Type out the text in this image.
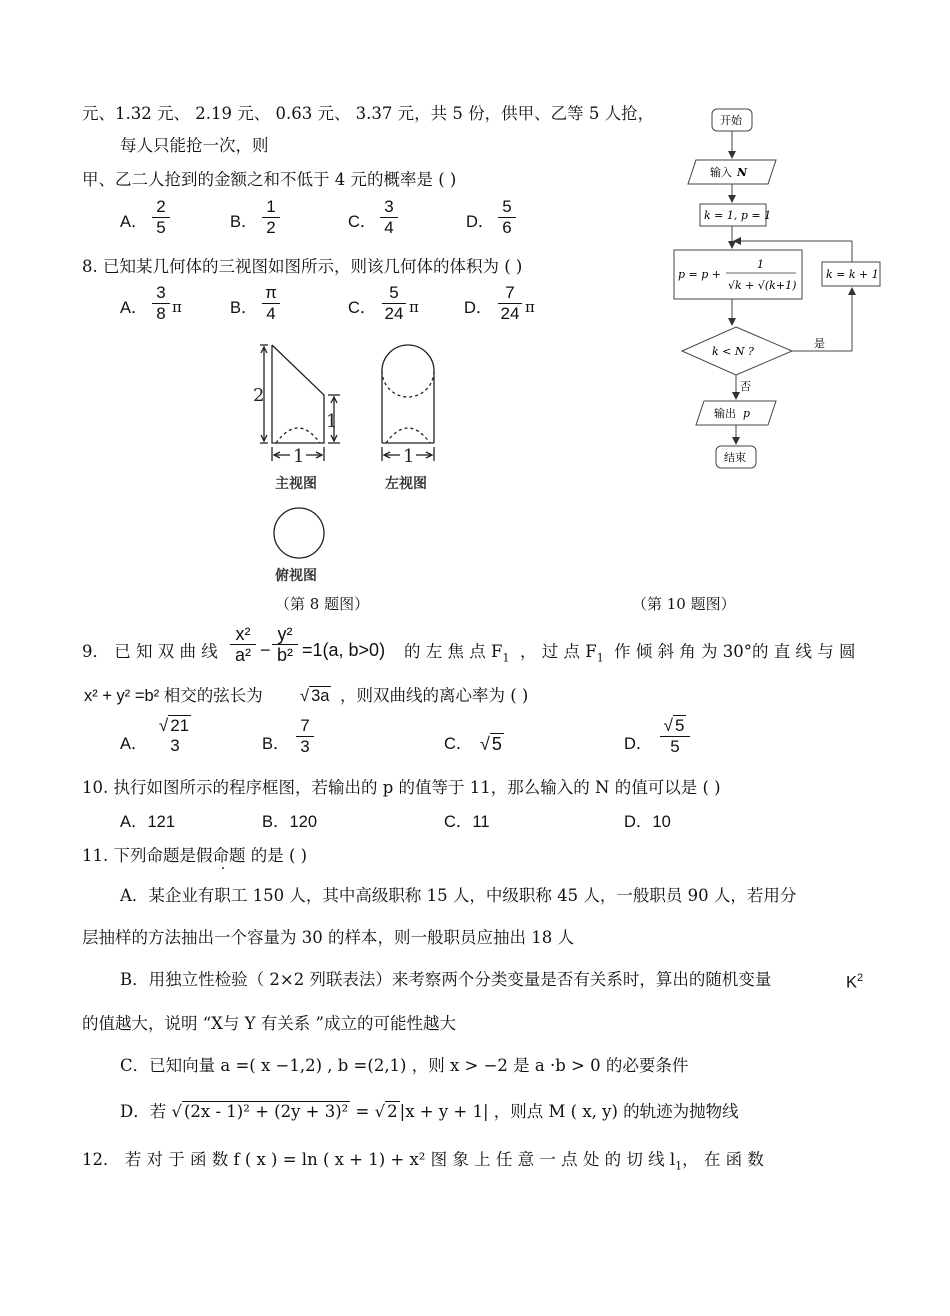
元、1.32 元、 2.19 元、 0.63 元、 3.37 元，共 5 份，供甲、乙等 5 人抢，
每人只能抢一次，则
甲、乙二人抢到的金额之和不低于 4 元的概率是 ( )
A． $\frac{2}{5}$	B． $\frac{1}{2}$	C． $\frac{3}{4}$	D． $\frac{5}{6}$
8. 已知某几何体的三视图如图所示，则该几何体的体积为 ( )
A． $\frac{3}{8}$ π	B． $\frac{\pi}{4}$	C． $\frac{5}{24}$ π	D． $\frac{7}{24}$ π
2
1
1	1
主视图	左视图
俯视图
（第 8 题图）
开始
输入 N
k = 1, p = 1
p = p +
1
√k + √(k+1)
k = k + 1
k < N ?
是
否
输出 p
结束
（第 10 题图）
9． 已 知 双 曲 线 $\frac{\text{x²}}{\text{a²}} - \frac{\text{y²}}{\text{b²}} =1(a$, b>0) 的 左 焦 点 $F_1$ ， 过 点 $F_1$ 作 倾 斜 角 为 30°的 直 线 与 圆
x² + y² =b² 相交的弦长为 √ 3a ，则双曲线的离心率为 ( )
A．
√ 21
3	B． $\frac{7}{3}$	C． √ 5	D． $\frac{√ 5}{5}$
10. 执行如图所示的程序框图，若输出的 p 的值等于 11，那么输入的 N 的值可以是 ( )
A．121	B．120	C．11	D．10
11. 下列命题是假命题 的是 ( )
A．某企业有职工 150 人，其中高级职称 15 人，中级职称 45 人，一般职员 90 人，若用分
层抽样的方法抽出一个容量为 30 的样本，则一般职员应抽出 18 人
B．用独立性检验（ 2×2 列联表法）来考察两个分类变量是否有关系时，算出的随机变量	$K^2$
的值越大，说明 “X与 Y 有关系 ”成立的可能性越大
C．已知向量 a =( x −1,2) , b =(2,1) ，则 x > −2 是 a ·b > 0 的必要条件
D．若 √ (2x - 1)² + (2y + 3)² = √ 2 |x + y + 1| ，则点 M ( x, y) 的轨迹为抛物线
12． 若 对 于 函 数 f ( x ) = ln ( x + 1) + x² 图 象 上 任 意 一 点 处 的 切 线 $l_1$， 在 函 数
